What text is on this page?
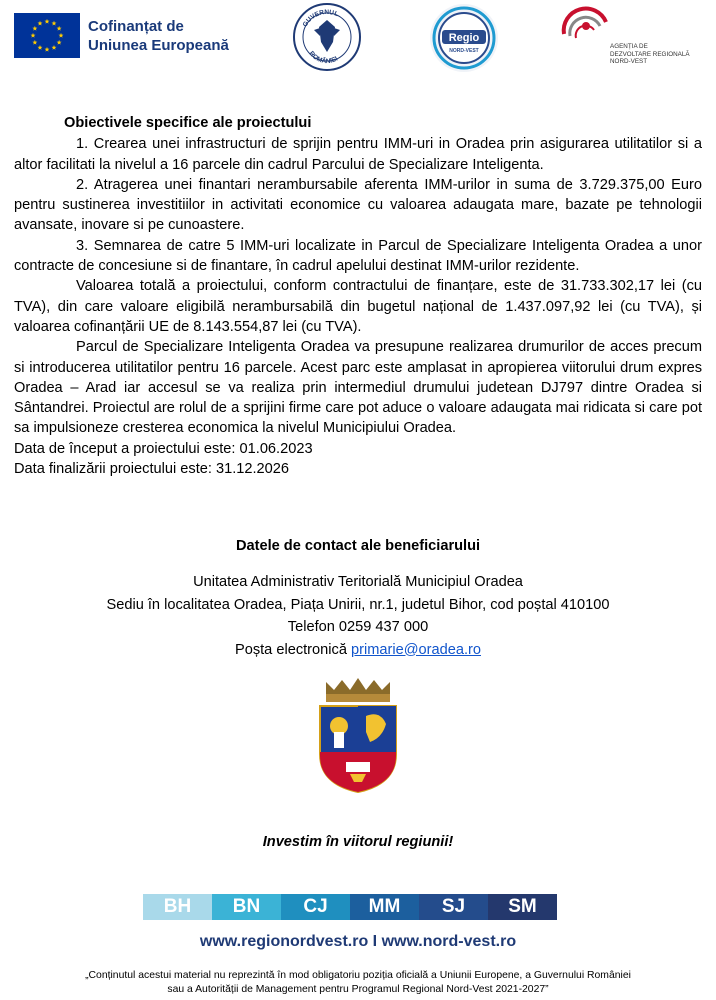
Cofinanțat de
Uniunea Europeană
GUVERNUL
ROMÂNIEI
Regio
NORD-VEST
AGENȚIA DE
DEZVOLTARE REGIONALĂ
NORD-VEST

Obiectivele specifice ale proiectului

1. Crearea unei infrastructuri de sprijin pentru IMM-uri in Oradea prin asigurarea utilitatilor si a altor facilitati la nivelul a 16 parcele din cadrul Parcului de Specializare Inteligenta.

2. Atragerea unei finantari nerambursabile aferenta IMM-urilor in suma de 3.729.375,00 Euro pentru sustinerea investitiilor in activitati economice cu valoarea adaugata mare, bazate pe tehnologii avansate, inovare si pe cunoastere.

3. Semnarea de catre 5 IMM-uri localizate in Parcul de Specializare Inteligenta Oradea a unor contracte de concesiune si de finantare, în cadrul apelului destinat IMM-urilor rezidente.

Valoarea totală a proiectului, conform contractului de finanțare, este de 31.733.302,17 lei (cu TVA), din care valoare eligibilă nerambursabilă din bugetul național de 1.437.097,92 lei (cu TVA), și valoarea cofinanțării UE de 8.143.554,87 lei (cu TVA).

Parcul de Specializare Inteligenta Oradea va presupune realizarea drumurilor de acces precum si introducerea utilitatilor pentru 16 parcele. Acest parc este amplasat in apropierea viitorului drum expres Oradea – Arad iar accesul se va realiza prin intermediul drumului judetean DJ797 dintre Oradea si Sântandrei. Proiectul are rolul de a sprijini firme care pot aduce o valoare adaugata mai ridicata si care pot sa impulsioneze cresterea economica la nivelul Municipiului Oradea.

Data de început a proiectului este: 01.06.2023

Data finalizării proiectului este: 31.12.2026

Datele de contact ale beneficiarului
Unitatea Administrativ Teritorială Municipiul Oradea
Sediu în localitatea Oradea, Piața Unirii, nr.1, judetul Bihor, cod poștal 410100
Telefon 0259 437 000
Poșta electronică primarie@oradea.ro
Investim în viitorul regiunii!
BH	BN	CJ	MM	SJ	SM
www.regionordvest.ro I www.nord-vest.ro
„Conținutul acestui material nu reprezintă în mod obligatoriu poziția oficială a Uniunii Europene, a Guvernului României
sau a Autorității de Management pentru Programul Regional Nord-Vest 2021-2027”
